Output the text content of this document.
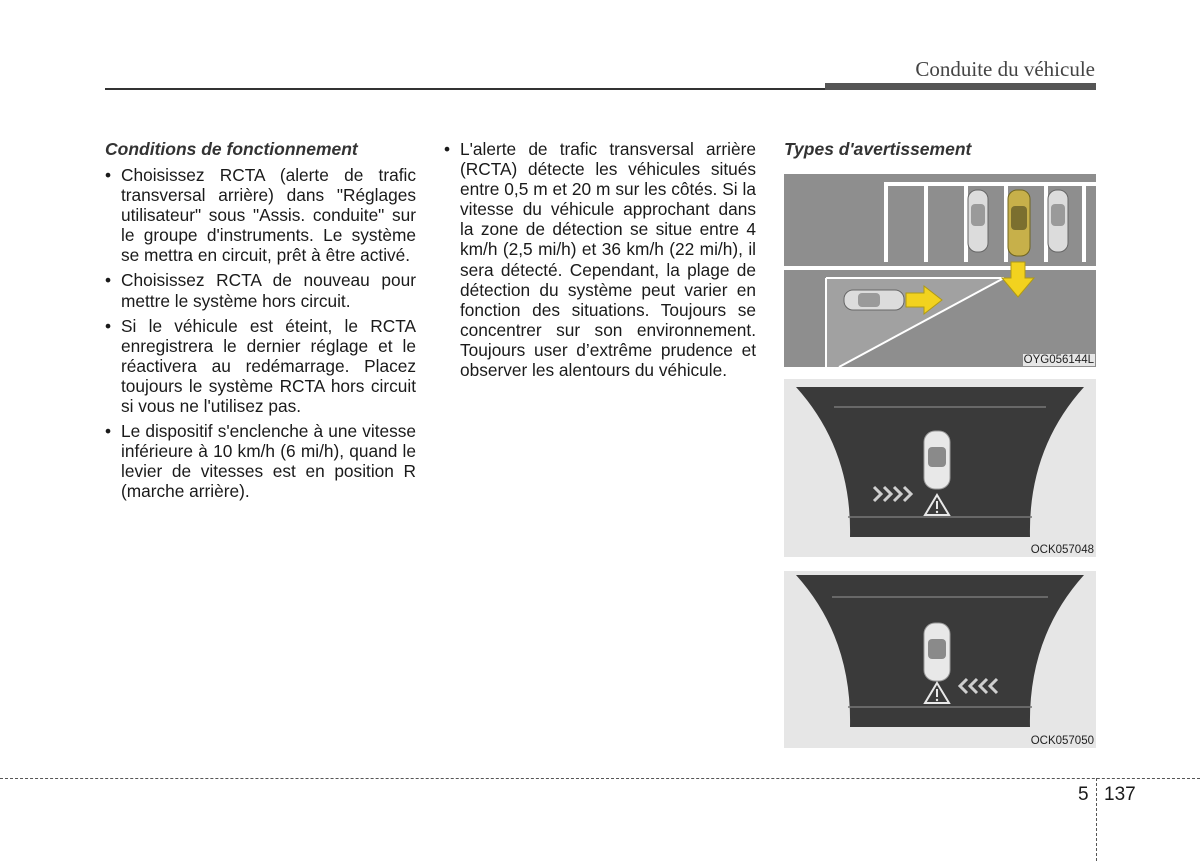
Conduite du véhicule
Conditions de fonctionnement
• Choisissez RCTA (alerte de trafic transversal arrière) dans "Réglages utilisateur" sous "Assis. conduite" sur le groupe d'instruments. Le système se mettra en circuit, prêt à être activé.
• Choisissez RCTA de nouveau pour mettre le système hors circuit.
• Si le véhicule est éteint, le RCTA enregistrera le dernier réglage et le réactivera au redémarrage. Placez toujours le système RCTA hors circuit si vous ne l'utilisez pas.
• Le dispositif s'enclenche à une vitesse inférieure à 10 km/h (6 mi/h), quand le levier de vitesses est en position R (marche arrière).
• L'alerte de trafic transversal arrière (RCTA) détecte les véhicules situés entre 0,5 m et 20 m sur les côtés. Si la vitesse du véhicule approchant dans la zone de détection se situe entre 4 km/h (2,5 mi/h) et 36 km/h (22 mi/h), il sera détecté. Cependant, la plage de détection du système peut varier en fonction des situations. Toujours se concentrer sur son environnement. Toujours user d’extrême prudence et observer les alentours du véhicule.
Types d'avertissement
OYG056144L
OCK057048
OCK057050
5 137
